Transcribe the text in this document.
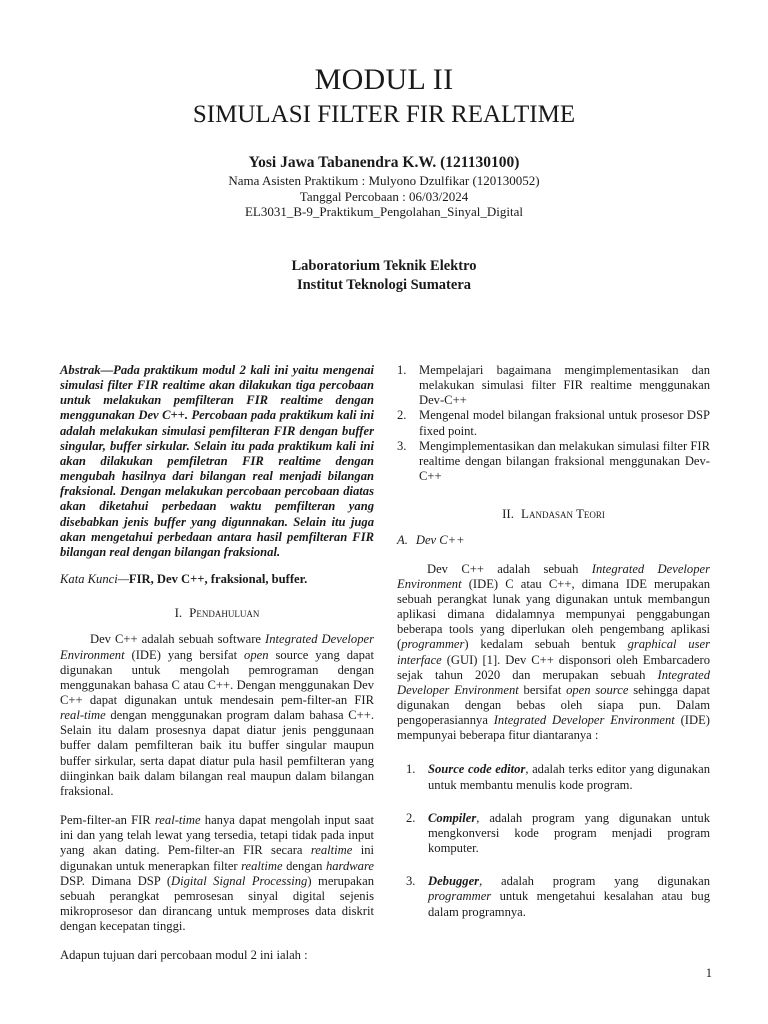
MODUL II
SIMULASI FILTER FIR REALTIME
Yosi Jawa Tabanendra K.W. (121130100)
Nama Asisten Praktikum : Mulyono Dzulfikar (120130052)
Tanggal Percobaan : 06/03/2024
EL3031_B-9_Praktikum_Pengolahan_Sinyal_Digital
Laboratorium Teknik Elektro
Institut Teknologi Sumatera

Abstrak—Pada praktikum modul 2 kali ini yaitu mengenai simulasi filter FIR realtime akan dilakukan tiga percobaan untuk melakukan pemfilteran FIR realtime dengan menggunakan Dev C++. Percobaan pada praktikum kali ini adalah melakukan simulasi pemfilteran FIR dengan buffer singular, buffer sirkular. Selain itu pada praktikum kali ini akan dilakukan pemfiletran FIR realtime dengan mengubah hasilnya dari bilangan real menjadi bilangan fraksional. Dengan melakukan percobaan percobaan diatas akan diketahui perbedaan waktu pemfilteran yang disebabkan jenis buffer yang digunnakan. Selain itu juga akan mengetahui perbedaan antara hasil pemfilteran FIR bilangan real dengan bilangan fraksional.

Kata Kunci—FIR, Dev C++, fraksional, buffer.

I. Pendahuluan

Dev C++ adalah sebuah software Integrated Developer Environment (IDE) yang bersifat open source yang dapat digunakan untuk mengolah pemrograman dengan menggunakan bahasa C atau C++. Dengan menggunakan Dev C++ dapat digunakan untuk mendesain pem-filter-an FIR real-time dengan menggunakan program dalam bahasa C++. Selain itu dalam prosesnya dapat diatur jenis penggunaan buffer dalam pemfilteran baik itu buffer singular maupun buffer sirkular, serta dapat diatur pula hasil pemfilteran yang diinginkan baik dalam bilangan real maupun dalam bilangan fraksional.

Pem-filter-an FIR real-time hanya dapat mengolah input saat ini dan yang telah lewat yang tersedia, tetapi tidak pada input yang akan dating. Pem-filter-an FIR secara realtime ini digunakan untuk menerapkan filter realtime dengan hardware DSP. Dimana DSP (Digital Signal Processing) merupakan sebuah perangkat pemrosesan sinyal digital sejenis mikroprosesor dan dirancang untuk memproses data diskrit dengan kecepatan tinggi.

Adapun tujuan dari percobaan modul 2 ini ialah :

1. Mempelajari bagaimana mengimplementasikan dan melakukan simulasi filter FIR realtime menggunakan Dev-C++
2. Mengenal model bilangan fraksional untuk prosesor DSP fixed point.
3. Mengimplementasikan dan melakukan simulasi filter FIR realtime dengan bilangan fraksional menggunakan Dev-C++
II. Landasan Teori
A. Dev C++

Dev C++ adalah sebuah Integrated Developer Environment (IDE) C atau C++, dimana IDE merupakan sebuah perangkat lunak yang digunakan untuk membangun aplikasi dimana didalamnya mempunyai penggabungan beberapa tools yang diperlukan oleh pengembang aplikasi (programmer) kedalam sebuah bentuk graphical user interface (GUI) [1]. Dev C++ disponsori oleh Embarcadero sejak tahun 2020 dan merupakan sebuah Integrated Developer Environment bersifat open source sehingga dapat digunakan dengan bebas oleh siapa pun. Dalam pengoperasiannya Integrated Developer Environment (IDE) mempunyai beberapa fitur diantaranya :

1. Source code editor, adalah terks editor yang digunakan untuk membantu menulis kode program.
2. Compiler, adalah program yang digunakan untuk mengkonversi kode program menjadi program komputer.
3. Debugger, adalah program yang digunakan programmer untuk mengetahui kesalahan atau bug dalam programnya.
1
